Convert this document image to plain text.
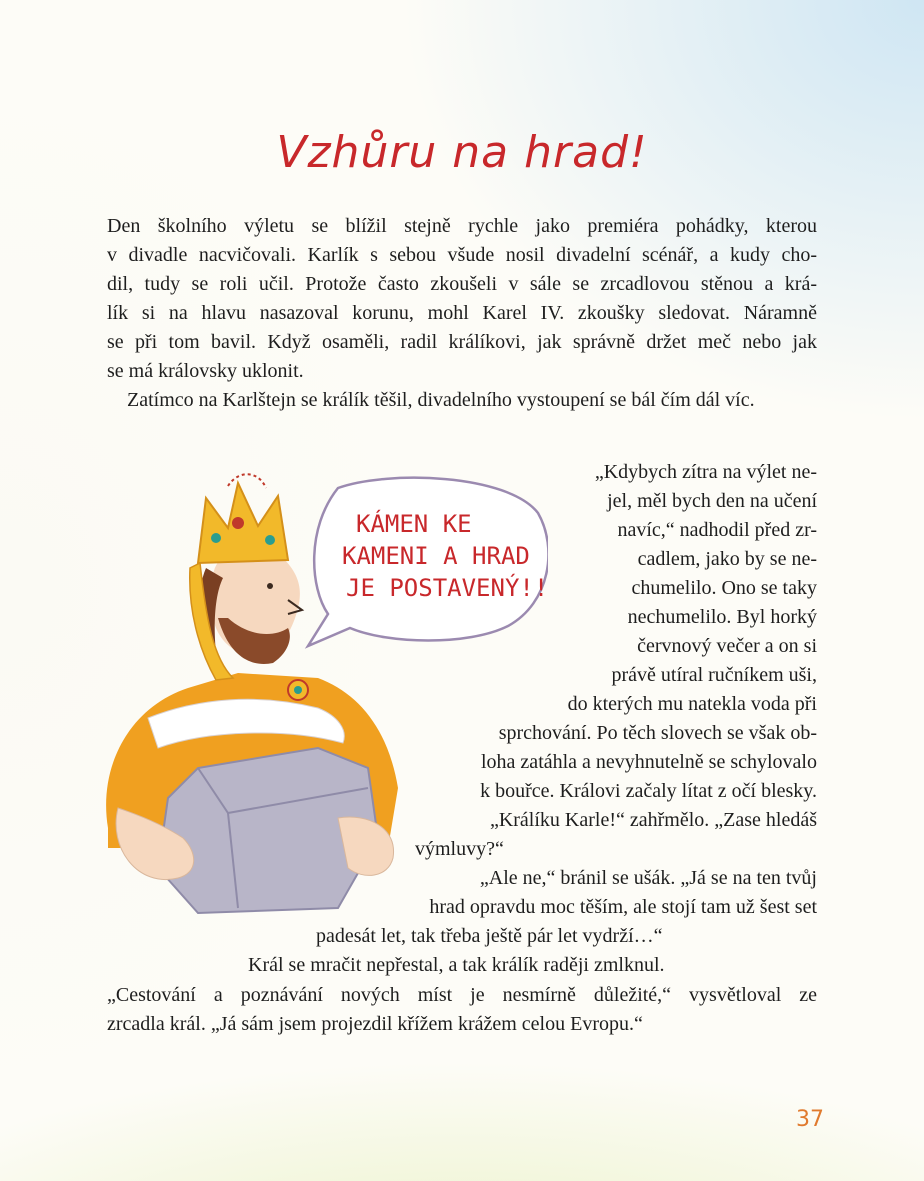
Vzhůru na hrad!
Den školního výletu se blížil stejně rychle jako premiéra pohádky, kterou
v divadle nacvičovali. Karlík s sebou všude nosil divadelní scénář, a kudy cho-
dil, tudy se roli učil. Protože často zkoušeli v sále se zrcadlovou stěnou a krá-
lík si na hlavu nasazoval korunu, mohl Karel IV. zkoušky sledovat. Náramně
se při tom bavil. Když osaměli, radil králíkovi, jak správně držet meč nebo jak
se má královsky uklonit.
Zatímco na Karlštejn se králík těšil, divadelního vystoupení se bál čím dál víc.
KÁMEN KE
KAMENI A HRAD
JE POSTAVENÝ!!
„Kdybych zítra na výlet ne-
jel, měl bych den na učení
navíc,“ nadhodil před zr-
cadlem, jako by se ne-
chumelilo. Ono se taky
nechumelilo. Byl horký
červnový večer a on si
právě utíral ručníkem uši,
do kterých mu natekla voda při
sprchování. Po těch slovech se však ob-
loha zatáhla a nevyhnutelně se schylovalo
k bouřce. Královi začaly lítat z očí blesky.
„Králíku Karle!“ zahřmělo. „Zase hledáš
výmluvy?“
„Ale ne,“ bránil se ušák. „Já se na ten tvůj
hrad opravdu moc těším, ale stojí tam už šest set
padesát let, tak třeba ještě pár let vydrží…“
Král se mračit nepřestal, a tak králík raději zmlknul.
„Cestování a poznávání nových míst je nesmírně důležité,“ vysvětloval ze
zrcadla král. „Já sám jsem projezdil křížem krážem celou Evropu.“
37
